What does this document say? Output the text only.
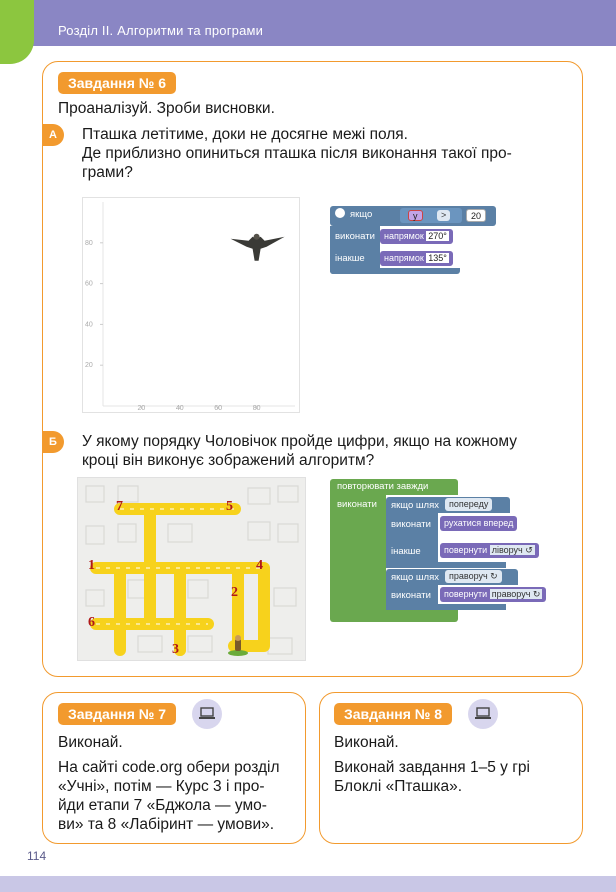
Розділ ІІ. Алгоритми та програми
Завдання № 6
Проаналізуй. Зроби висновки.
А	Пташка летітиме, доки не досягне межі поля.
Де приблизно опиниться пташка після виконання такої про-
грами?
20	40	60	80
20
40
60
80
якщо	y	>	20
виконати	напрямок 270°
інакше	напрямок 135°
Б	У якому порядку Чоловічок пройде цифри, якщо на кожному
кроці він виконує зображений алгоритм?
7	5
1	4
2
6
3
повторювати завжди
виконати якщо шлях	попереду
виконати	рухатися вперед
інакше	повернути ліворуч ↺
якщо шлях	праворуч ↻
виконати	повернути праворуч ↻
Завдання № 7
Виконай.
На сайті code.org обери розділ
«Учні», потім — Курс 3 і про-
йди етапи 7 «Бджола — умо-
ви» та 8 «Лабіринт — умови».
Завдання № 8
Виконай.
Виконай завдання 1–5 у грі
Блоклі «Пташка».
114
